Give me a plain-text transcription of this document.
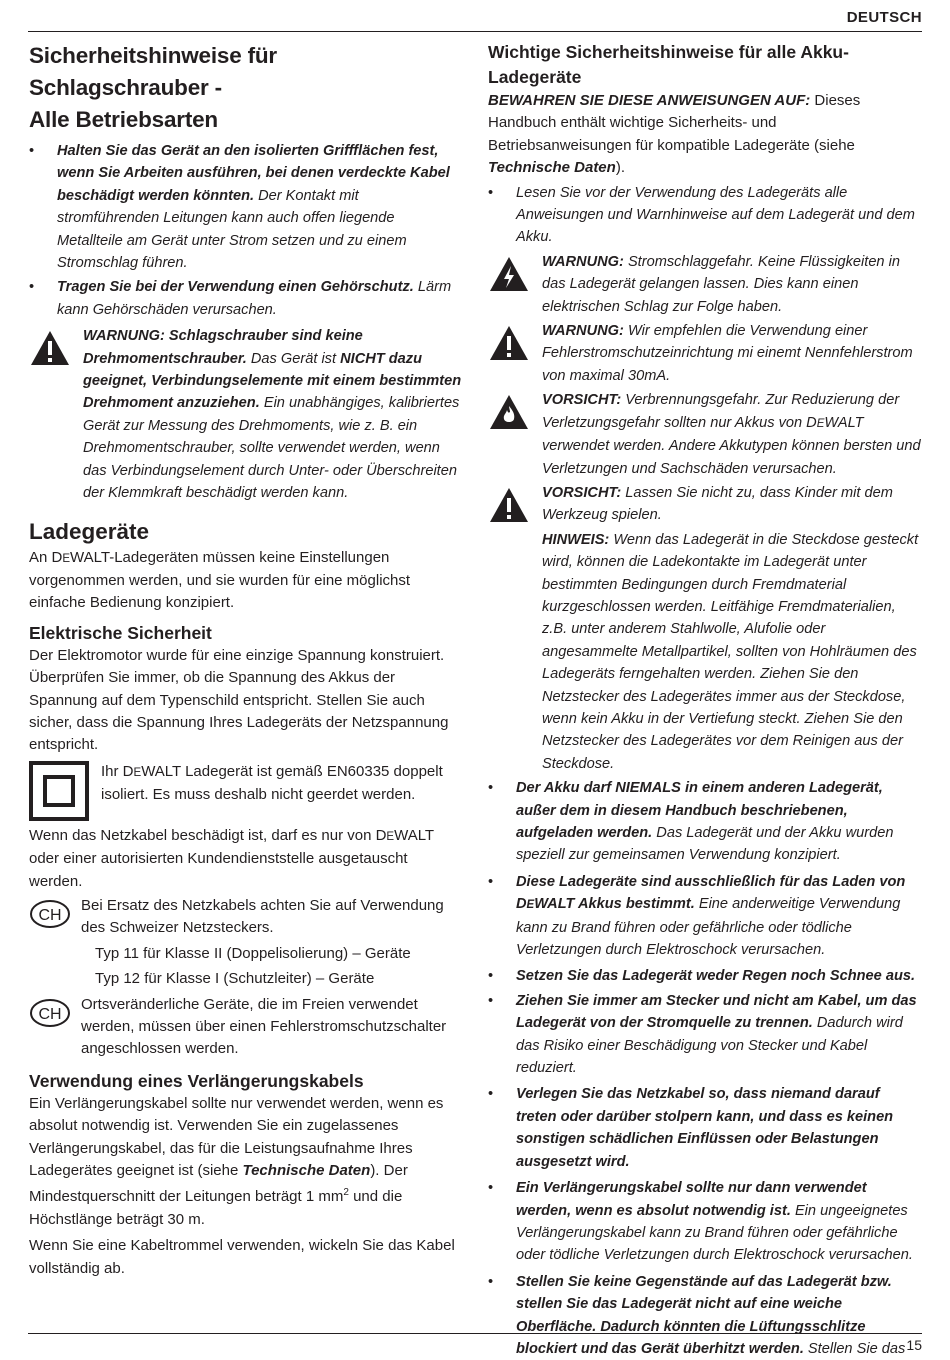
DEUTSCH
Sicherheitshinweise für Schlagschrauber -
Alle Betriebsarten
• Halten Sie das Gerät an den isolierten Griffflächen fest, wenn Sie Arbeiten ausführen, bei denen verdeckte Kabel beschädigt werden könnten. Der Kontakt mit stromführenden Leitungen kann auch offen liegende Metallteile am Gerät unter Strom setzen und zu einem Stromschlag führen.
• Tragen Sie bei der Verwendung einen Gehörschutz. Lärm kann Gehörschäden verursachen.
WARNUNG: Schlagschrauber sind keine Drehmomentschrauber. Das Gerät ist NICHT dazu geeignet, Verbindungselemente mit einem bestimmten Drehmoment anzuziehen. Ein unabhängiges, kalibriertes Gerät zur Messung des Drehmoments, wie z. B. ein Drehmomentschrauber, sollte verwendet werden, wenn das Verbindungselement durch Unter- oder Überschreiten der Klemmkraft beschädigt werden kann.
Ladegeräte

An DEWALT-Ladegeräten müssen keine Einstellungen vorgenommen werden, und sie wurden für eine möglichst einfache Bedienung konzipiert.

Elektrische Sicherheit

Der Elektromotor wurde für eine einzige Spannung konstruiert. Überprüfen Sie immer, ob die Spannung des Akkus der Spannung auf dem Typenschild entspricht. Stellen Sie auch sicher, dass die Spannung Ihres Ladegeräts der Netzspannung entspricht.

Ihr DEWALT Ladegerät ist gemäß EN60335 doppelt isoliert. Es muss deshalb nicht geerdet werden.

Wenn das Netzkabel beschädigt ist, darf es nur von DEWALT oder einer autorisierten Kundendienststelle ausgetauscht werden.

CH

Bei Ersatz des Netzkabels achten Sie auf Verwendung des Schweizer Netzsteckers.

Typ 11 für Klasse II (Doppelisolierung) – Geräte

Typ 12 für Klasse I (Schutzleiter) – Geräte

CH

Ortsveränderliche Geräte, die im Freien verwendet werden, müssen über einen Fehlerstromschutzschalter angeschlossen werden.

Verwendung eines Verlängerungskabels

Ein Verlängerungskabel sollte nur verwendet werden, wenn es absolut notwendig ist. Verwenden Sie ein zugelassenes Verlängerungskabel, das für die Leistungsaufnahme Ihres Ladegerätes geeignet ist (siehe Technische Daten). Der Mindestquerschnitt der Leitungen beträgt 1 $mm^2$ und die Höchstlänge beträgt 30 m.

Wenn Sie eine Kabeltrommel verwenden, wickeln Sie das Kabel vollständig ab.

Wichtige Sicherheitshinweise für alle Akku-Ladegeräte

BEWAHREN SIE DIESE ANWEISUNGEN AUF: Dieses Handbuch enthält wichtige Sicherheits- und Betriebsanweisungen für kompatible Ladegeräte (siehe Technische Daten).

• Lesen Sie vor der Verwendung des Ladegeräts alle Anweisungen und Warnhinweise auf dem Ladegerät und dem Akku.
WARNUNG: Stromschlaggefahr. Keine Flüssigkeiten in das Ladegerät gelangen lassen. Dies kann einen elektrischen Schlag zur Folge haben.
WARNUNG: Wir empfehlen die Verwendung einer Fehlerstromschutzeinrichtung mi einemt Nennfehlerstrom von maximal 30mA.
VORSICHT: Verbrennungsgefahr. Zur Reduzierung der Verletzungsgefahr sollten nur Akkus von DEWALT verwendet werden. Andere Akkutypen können bersten und Verletzungen und Sachschäden verursachen.
VORSICHT: Lassen Sie nicht zu, dass Kinder mit dem Werkzeug spielen.
HINWEIS: Wenn das Ladegerät in die Steckdose gesteckt wird, können die Ladekontakte im Ladegerät unter bestimmten Bedingungen durch Fremdmaterial kurzgeschlossen werden. Leitfähige Fremdmaterialien, z.B. unter anderem Stahlwolle, Alufolie oder angesammelte Metallpartikel, sollten von Hohlräumen des Ladegeräts ferngehalten werden. Ziehen Sie den Netzstecker des Ladegerätes immer aus der Steckdose, wenn kein Akku in der Vertiefung steckt. Ziehen Sie den Netzstecker des Ladegerätes vor dem Reinigen aus der Steckdose.
• Der Akku darf NIEMALS in einem anderen Ladegerät, außer dem in diesem Handbuch beschriebenen, aufgeladen werden. Das Ladegerät und der Akku wurden speziell zur gemeinsamen Verwendung konzipiert.
• Diese Ladegeräte sind ausschließlich für das Laden von DEWALT Akkus bestimmt. Eine anderweitige Verwendung kann zu Brand führen oder gefährliche oder tödliche Verletzungen durch Elektroschock verursachen.
• Setzen Sie das Ladegerät weder Regen noch Schnee aus.
• Ziehen Sie immer am Stecker und nicht am Kabel, um das Ladegerät von der Stromquelle zu trennen. Dadurch wird das Risiko einer Beschädigung von Stecker und Kabel reduziert.
• Verlegen Sie das Netzkabel so, dass niemand darauf treten oder darüber stolpern kann, und dass es keinen sonstigen schädlichen Einflüssen oder Belastungen ausgesetzt wird.
• Ein Verlängerungskabel sollte nur dann verwendet werden, wenn es absolut notwendig ist. Ein ungeeignetes Verlängerungskabel kann zu Brand führen oder gefährliche oder tödliche Verletzungen durch Elektroschock verursachen.
• Stellen Sie keine Gegenstände auf das Ladegerät bzw. stellen Sie das Ladegerät nicht auf eine weiche Oberfläche. Dadurch könnten die Lüftungsschlitze blockiert und das Gerät überhitzt werden. Stellen Sie das 15
